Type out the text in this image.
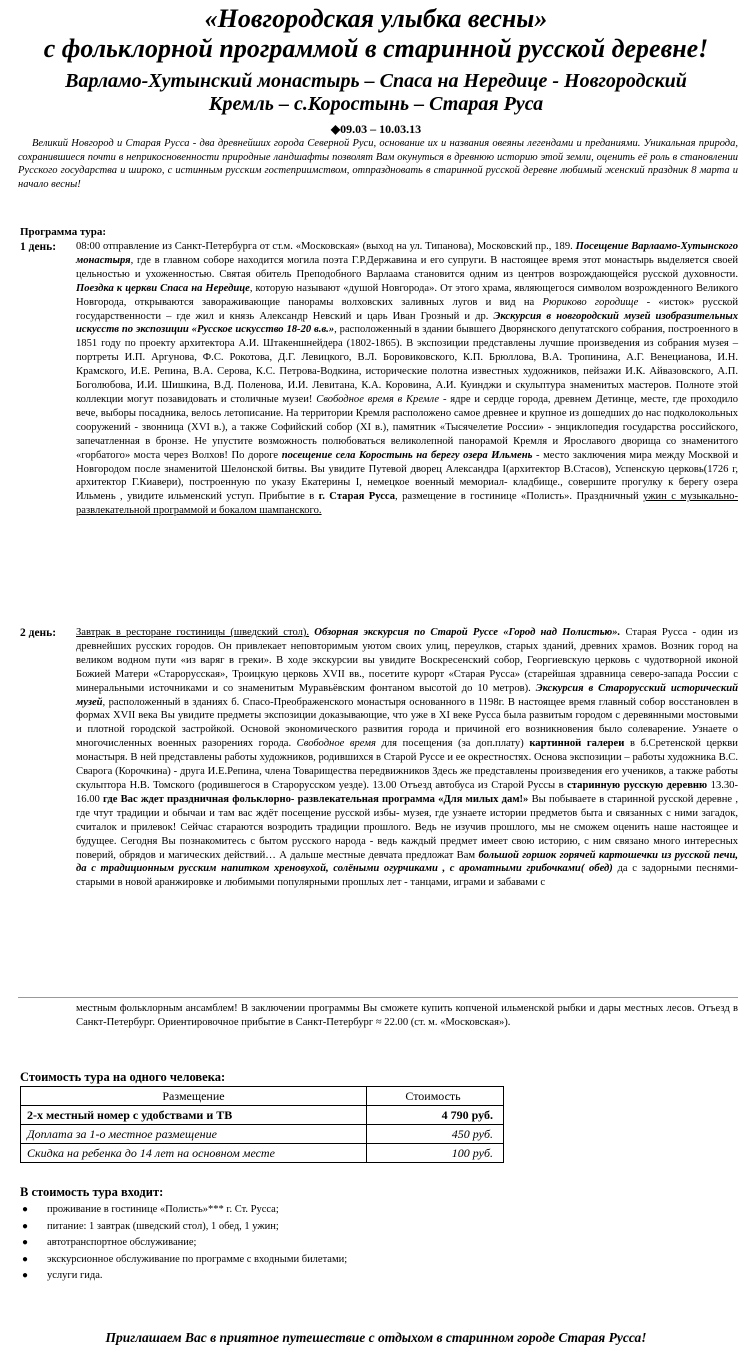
«Новгородская улыбка весны»
с фольклорной программой в старинной русской деревне!
Варламо-Хутынский монастырь – Спаса на Нередице - Новгородский
Кремль – с.Коростынь – Старая Руса
◆09.03 – 10.03.13
Великий Новгород и Старая Русса - два древнейших города Северной Руси, основание их и названия овеяны легендами и преданиями. Уникальная природа, сохранившиеся почти в неприкосновенности природные ландшафты позволят Вам окунуться в древнюю историю этой земли, оценить её роль в становлении Русского государства и широко, с истинным русским гостеприимством, отпраздновать в старинной русской деревне любимый женский праздник 8 марта и начало весны!
Программа тура:
1 день: 08:00 отправление из Санкт-Петербурга от ст.м. «Московская» (выход на ул. Типанова), Московский пр., 189. Посещение Варлаамо-Хутынского монастыря, где в главном соборе находится могила поэта Г.Р.Державина и его супруги. В настоящее время этот монастырь выделяется своей цельностью и ухоженностью. Святая обитель Преподобного Варлаама становится одним из центров возрождающейся русской духовности. Поездка к церкви Спаса на Нередице, которую называют «душой Новгорода». От этого храма, являющегося символом возрожденного Великого Новгорода, открываются завораживающие панорамы волховских заливных лугов и вид на Рюриково городище - «исток» русской государственности – где жил и князь Александр Невский и царь Иван Грозный и др. Экскурсия в новгородский музей изобразительных искусств по экспозиции «Русское искусство 18-20 в.в.», расположенный в здании бывшего Дворянского депутатского собрания, построенного в 1851 году по проекту архитектора А.И. Штакеншнейдера (1802-1865). В экспозиции представлены лучшие произведения из собрания музея – портреты И.П. Аргунова, Ф.С. Рокотова, Д.Г. Левицкого, В.Л. Боровиковского, К.П. Брюллова, В.А. Тропинина, А.Г. Венецианова, И.Н. Крамского, И.Е. Репина, В.А. Серова, К.С. Петрова-Водкина, исторические полотна известных художников, пейзажи И.К. Айвазовского, А.П. Боголюбова, И.И. Шишкина, В.Д. Поленова, И.И. Левитана, К.А. Коровина, А.И. Куинджи и скульптура знаменитых мастеров. Полноте этой коллекции могут позавидовать и столичные музеи! Свободное время в Кремле - ядре и сердце города, древнем Детинце, месте, где проходило вече, выборы посадника, велось летописание. На территории Кремля расположено самое древнее и крупное из дошедших до нас подколокольных сооружений - звонница (XVI в.), а также Софийский собор (XI в.), памятник «Тысячелетие России» - энциклопедия государства российского, запечатленная в бронзе. Не упустите возможность полюбоваться великолепной панорамой Кремля и Ярославого дворища со знаменитого «горбатого» моста через Волхов! По дороге посещение села Коростынь на берегу озера Ильмень - место заключения мира между Москвой и Новгородом после знаменитой Шелонской битвы. Вы увидите Путевой дворец Александра I(архитектор В.Стасов), Успенскую церковь(1726 г, архитектор Г.Киавери), построенную по указу Екатерины I, немецкое военный мемориал- кладбище., совершите прогулку к берегу озера Ильмень , увидите ильменский уступ. Прибытие в г. Старая Русса, размещение в гостинице «Полисть». Праздничный ужин с музыкально-развлекательной программой и бокалом шампанского.
2 день: Завтрак в ресторане гостиницы (шведский стол). Обзорная экскурсия по Старой Руссе «Город над Полистью». Старая Русса - один из древнейших русских городов. Он привлекает неповторимым уютом своих улиц, переулков, старых зданий, древних храмов. Возник город на великом водном пути «из варяг в греки». В ходе экскурсии вы увидите Воскресенский собор, Георгиевскую церковь с чудотворной иконой Божией Матери «Старорусская», Троицкую церковь XVII вв., посетите курорт «Старая Русса» (старейшая здравница северо-запада России с минеральными источниками и со знаменитым Муравьёвским фонтаном высотой до 10 метров). Экскурсия в Старорусский исторический музей, расположенный в зданиях б. Спасо-Преображенского монастыря основанного в 1198г. В настоящее время главный собор восстановлен в формах XVII века Вы увидите предметы экспозиции доказывающие, что уже в XI веке Русса была развитым городом с деревянными мостовыми и плотной городской застройкой. Основой экономического развития города и причиной его возникновения было солеварение. Узнаете о многочисленных военных разорениях города. Свободное время для посещения (за доп.плату) картинной галереи в б.Сретенской церкви монастыря. В ней представлены работы художников, родившихся в Старой Руссе и ее окрестностях. Основа экспозиции – работы художника В.С. Сварога (Корочкина) - друга И.Е.Репина, члена Товарищества передвижников Здесь же представлены произведения его учеников, а также работы скульптора Н.В. Томского (родившегося в Старорусском уезде). 13.00 Отъезд автобуса из Старой Руссы в старинную русскую деревню 13.30-16.00 где Вас ждет праздничная фольклорно- развлекательная программа «Для милых дам!» Вы побываете в старинной русской деревне , где чтут традиции и обычаи и там вас ждёт посещение русской избы- музея, где узнаете истории предметов быта и связанных с ними загадок, считалок и прилевок! Сейчас стараются возродить традиции прошлого. Ведь не изучив прошлого, мы не сможем оценить наше настоящее и будущее. Сегодня Вы познакомитесь с бытом русского народа - ведь каждый предмет имеет свою историю, с ним связано много интересных поверий, обрядов и магических действий… А дальше местные девчата предложат Вам большой горшок горячей картошечки из русской печи, да с традиционным русским напитком хреновухой, солёными огурчиками , с ароматными грибочками( обед) да с задорными песнями- старыми в новой аранжировке и любимыми популярными прошлых лет - танцами, играми и забавами с
местным фольклорным ансамблем! В заключении программы Вы сможете купить копченой ильменской рыбки и дары местных лесов. Отъезд в Санкт-Петербург. Ориентировочное прибытие в Санкт-Петербург ≈ 22.00 (ст. м. «Московская»).
Стоимость тура на одного человека:
Размещение	Стоимость
2-х местный номер с удобствами и ТВ	4 790 руб.
Доплата за 1-о местное размещение	450 руб.
Скидка на ребенка до 14 лет на основном месте	100 руб.
В стоимость тура входит:
● проживание в гостинице «Полисть»*** г. Ст. Русса;
● питание: 1 завтрак (шведский стол), 1 обед, 1 ужин;
● автотранспортное обслуживание;
● экскурсионное обслуживание по программе с входными билетами;
● услуги гида.
Приглашаем Вас в приятное путешествие с отдыхом в старинном городе Старая Русса!
